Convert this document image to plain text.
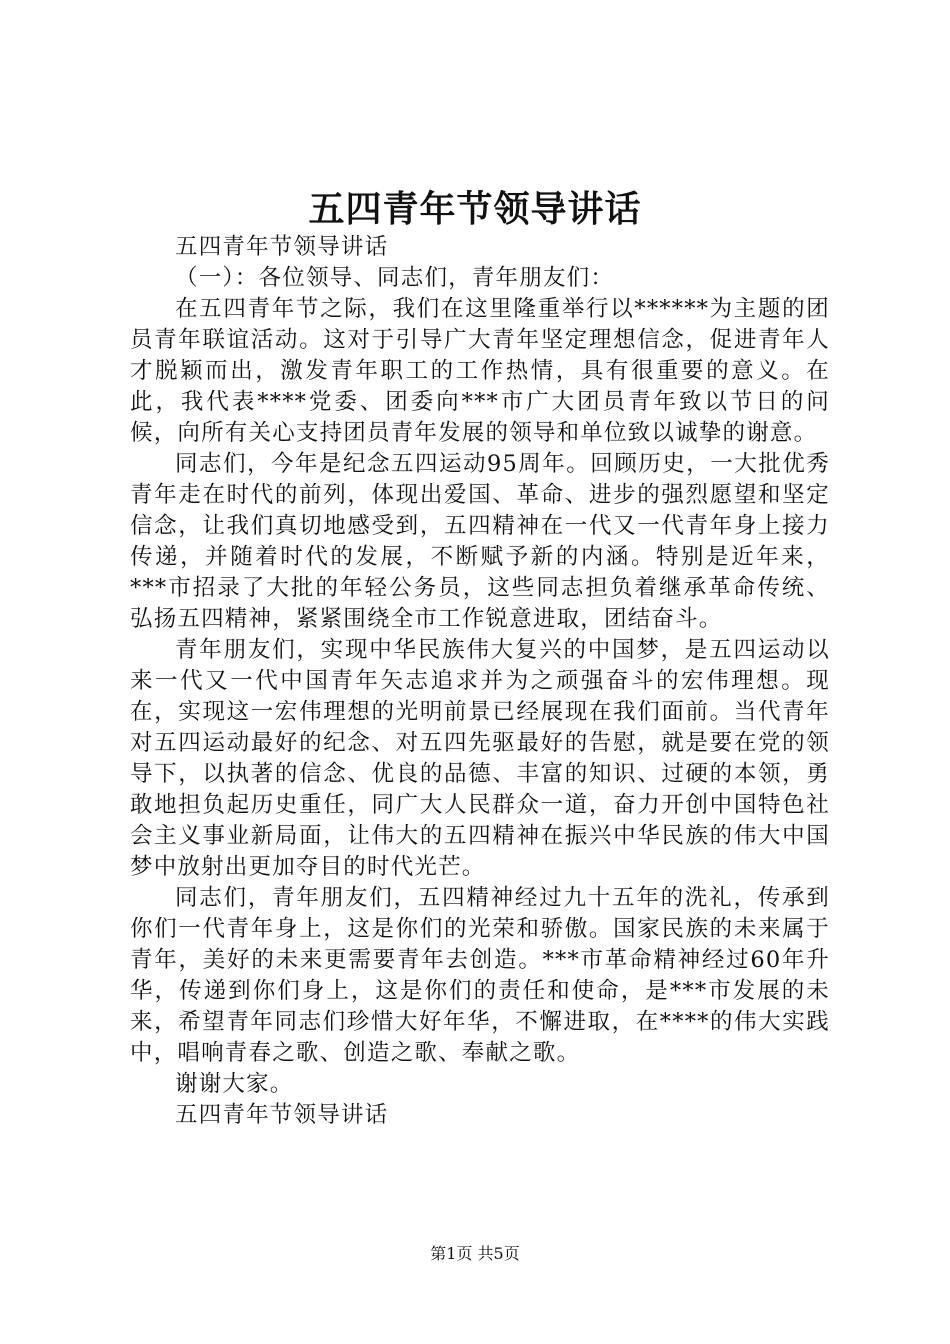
五四青年节领导讲话

五四青年节领导讲话

（一）：各位领导、同志们，青年朋友们：

在五四青年节之际，我们在这里隆重举行以******为主题的团员青年联谊活动。这对于引导广大青年坚定理想信念，促进青年人才脱颖而出，激发青年职工的工作热情，具有很重要的意义。在此，我代表****党委、团委向***市广大团员青年致以节日的问候，向所有关心支持团员青年发展的领导和单位致以诚挚的谢意。

同志们，今年是纪念五四运动95周年。回顾历史，一大批优秀青年走在时代的前列，体现出爱国、革命、进步的强烈愿望和坚定信念，让我们真切地感受到，五四精神在一代又一代青年身上接力传递，并随着时代的发展，不断赋予新的内涵。特别是近年来，***市招录了大批的年轻公务员，这些同志担负着继承革命传统、弘扬五四精神，紧紧围绕全市工作锐意进取，团结奋斗。

青年朋友们，实现中华民族伟大复兴的中国梦，是五四运动以来一代又一代中国青年矢志追求并为之顽强奋斗的宏伟理想。现在，实现这一宏伟理想的光明前景已经展现在我们面前。当代青年对五四运动最好的纪念、对五四先驱最好的告慰，就是要在党的领导下，以执著的信念、优良的品德、丰富的知识、过硬的本领，勇敢地担负起历史重任，同广大人民群众一道，奋力开创中国特色社会主义事业新局面，让伟大的五四精神在振兴中华民族的伟大中国梦中放射出更加夺目的时代光芒。

同志们，青年朋友们，五四精神经过九十五年的洗礼，传承到你们一代青年身上，这是你们的光荣和骄傲。国家民族的未来属于青年，美好的未来更需要青年去创造。***市革命精神经过60年升华，传递到你们身上，这是你们的责任和使命，是***市发展的未来，希望青年同志们珍惜大好年华，不懈进取，在****的伟大实践中，唱响青春之歌、创造之歌、奉献之歌。

谢谢大家。

五四青年节领导讲话

第1页 共5页
